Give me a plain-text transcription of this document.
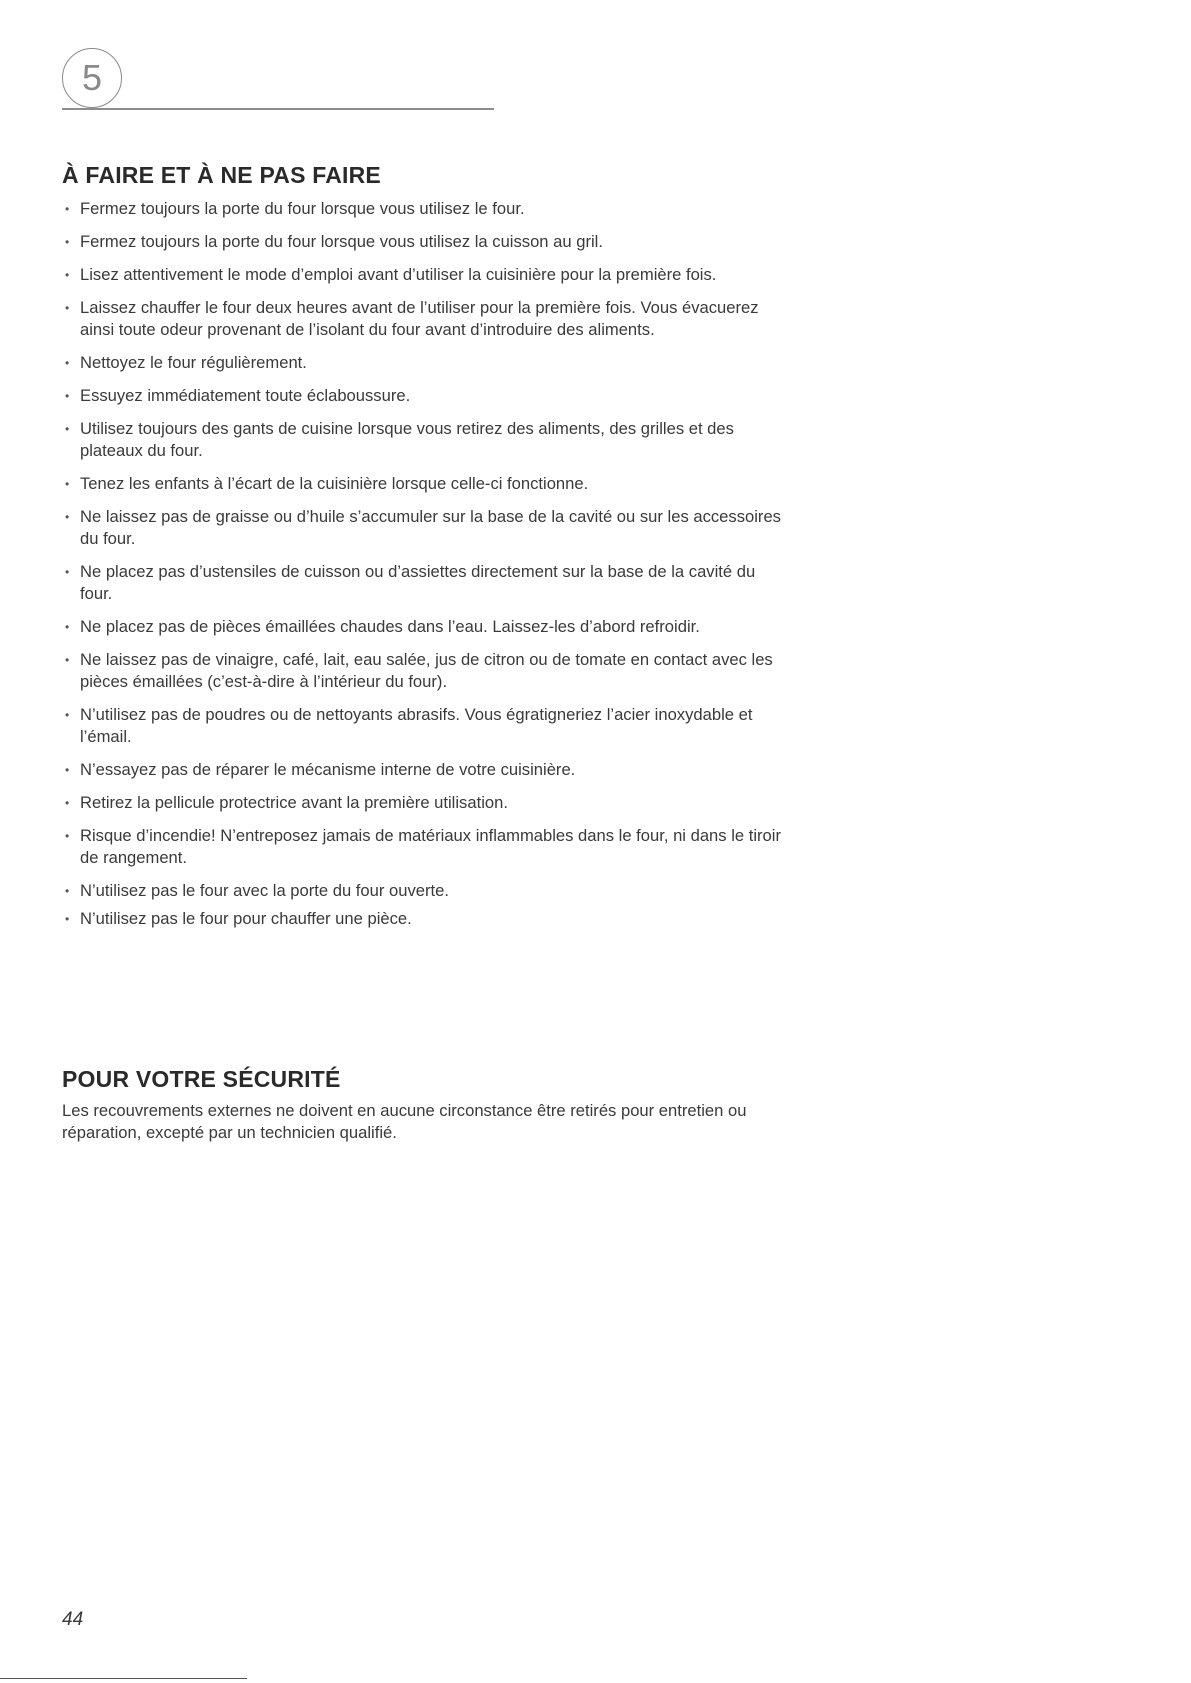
5
À FAIRE ET À NE PAS FAIRE
• Fermez toujours la porte du four lorsque vous utilisez le four.
• Fermez toujours la porte du four lorsque vous utilisez la cuisson au gril.
• Lisez attentivement le mode d’emploi avant d’utiliser la cuisinière pour la première fois.
• Laissez chauffer le four deux heures avant de l’utiliser pour la première fois. Vous évacuerez ainsi toute odeur provenant de l’isolant du four avant d’introduire des aliments.
• Nettoyez le four régulièrement.
• Essuyez immédiatement toute éclaboussure.
• Utilisez toujours des gants de cuisine lorsque vous retirez des aliments, des grilles et des plateaux du four.
• Tenez les enfants à l’écart de la cuisinière lorsque celle-ci fonctionne.
• Ne laissez pas de graisse ou d’huile s’accumuler sur la base de la cavité ou sur les accessoires du four.
• Ne placez pas d’ustensiles de cuisson ou d’assiettes directement sur la base de la cavité du four.
• Ne placez pas de pièces émaillées chaudes dans l’eau. Laissez-les d’abord refroidir.
• Ne laissez pas de vinaigre, café, lait, eau salée, jus de citron ou de tomate en contact avec les pièces émaillées (c’est-à-dire à l’intérieur du four).
• N’utilisez pas de poudres ou de nettoyants abrasifs. Vous égratigneriez l’acier inoxydable et l’émail.
• N’essayez pas de réparer le mécanisme interne de votre cuisinière.
• Retirez la pellicule protectrice avant la première utilisation.
• Risque d’incendie! N’entreposez jamais de matériaux inflammables dans le four, ni dans le tiroir de rangement.
• N’utilisez pas le four avec la porte du four ouverte.
• N’utilisez pas le four pour chauffer une pièce.
POUR VOTRE SÉCURITÉ

Les recouvrements externes ne doivent en aucune circonstance être retirés pour entretien ou réparation, excepté par un technicien qualifié.

44
